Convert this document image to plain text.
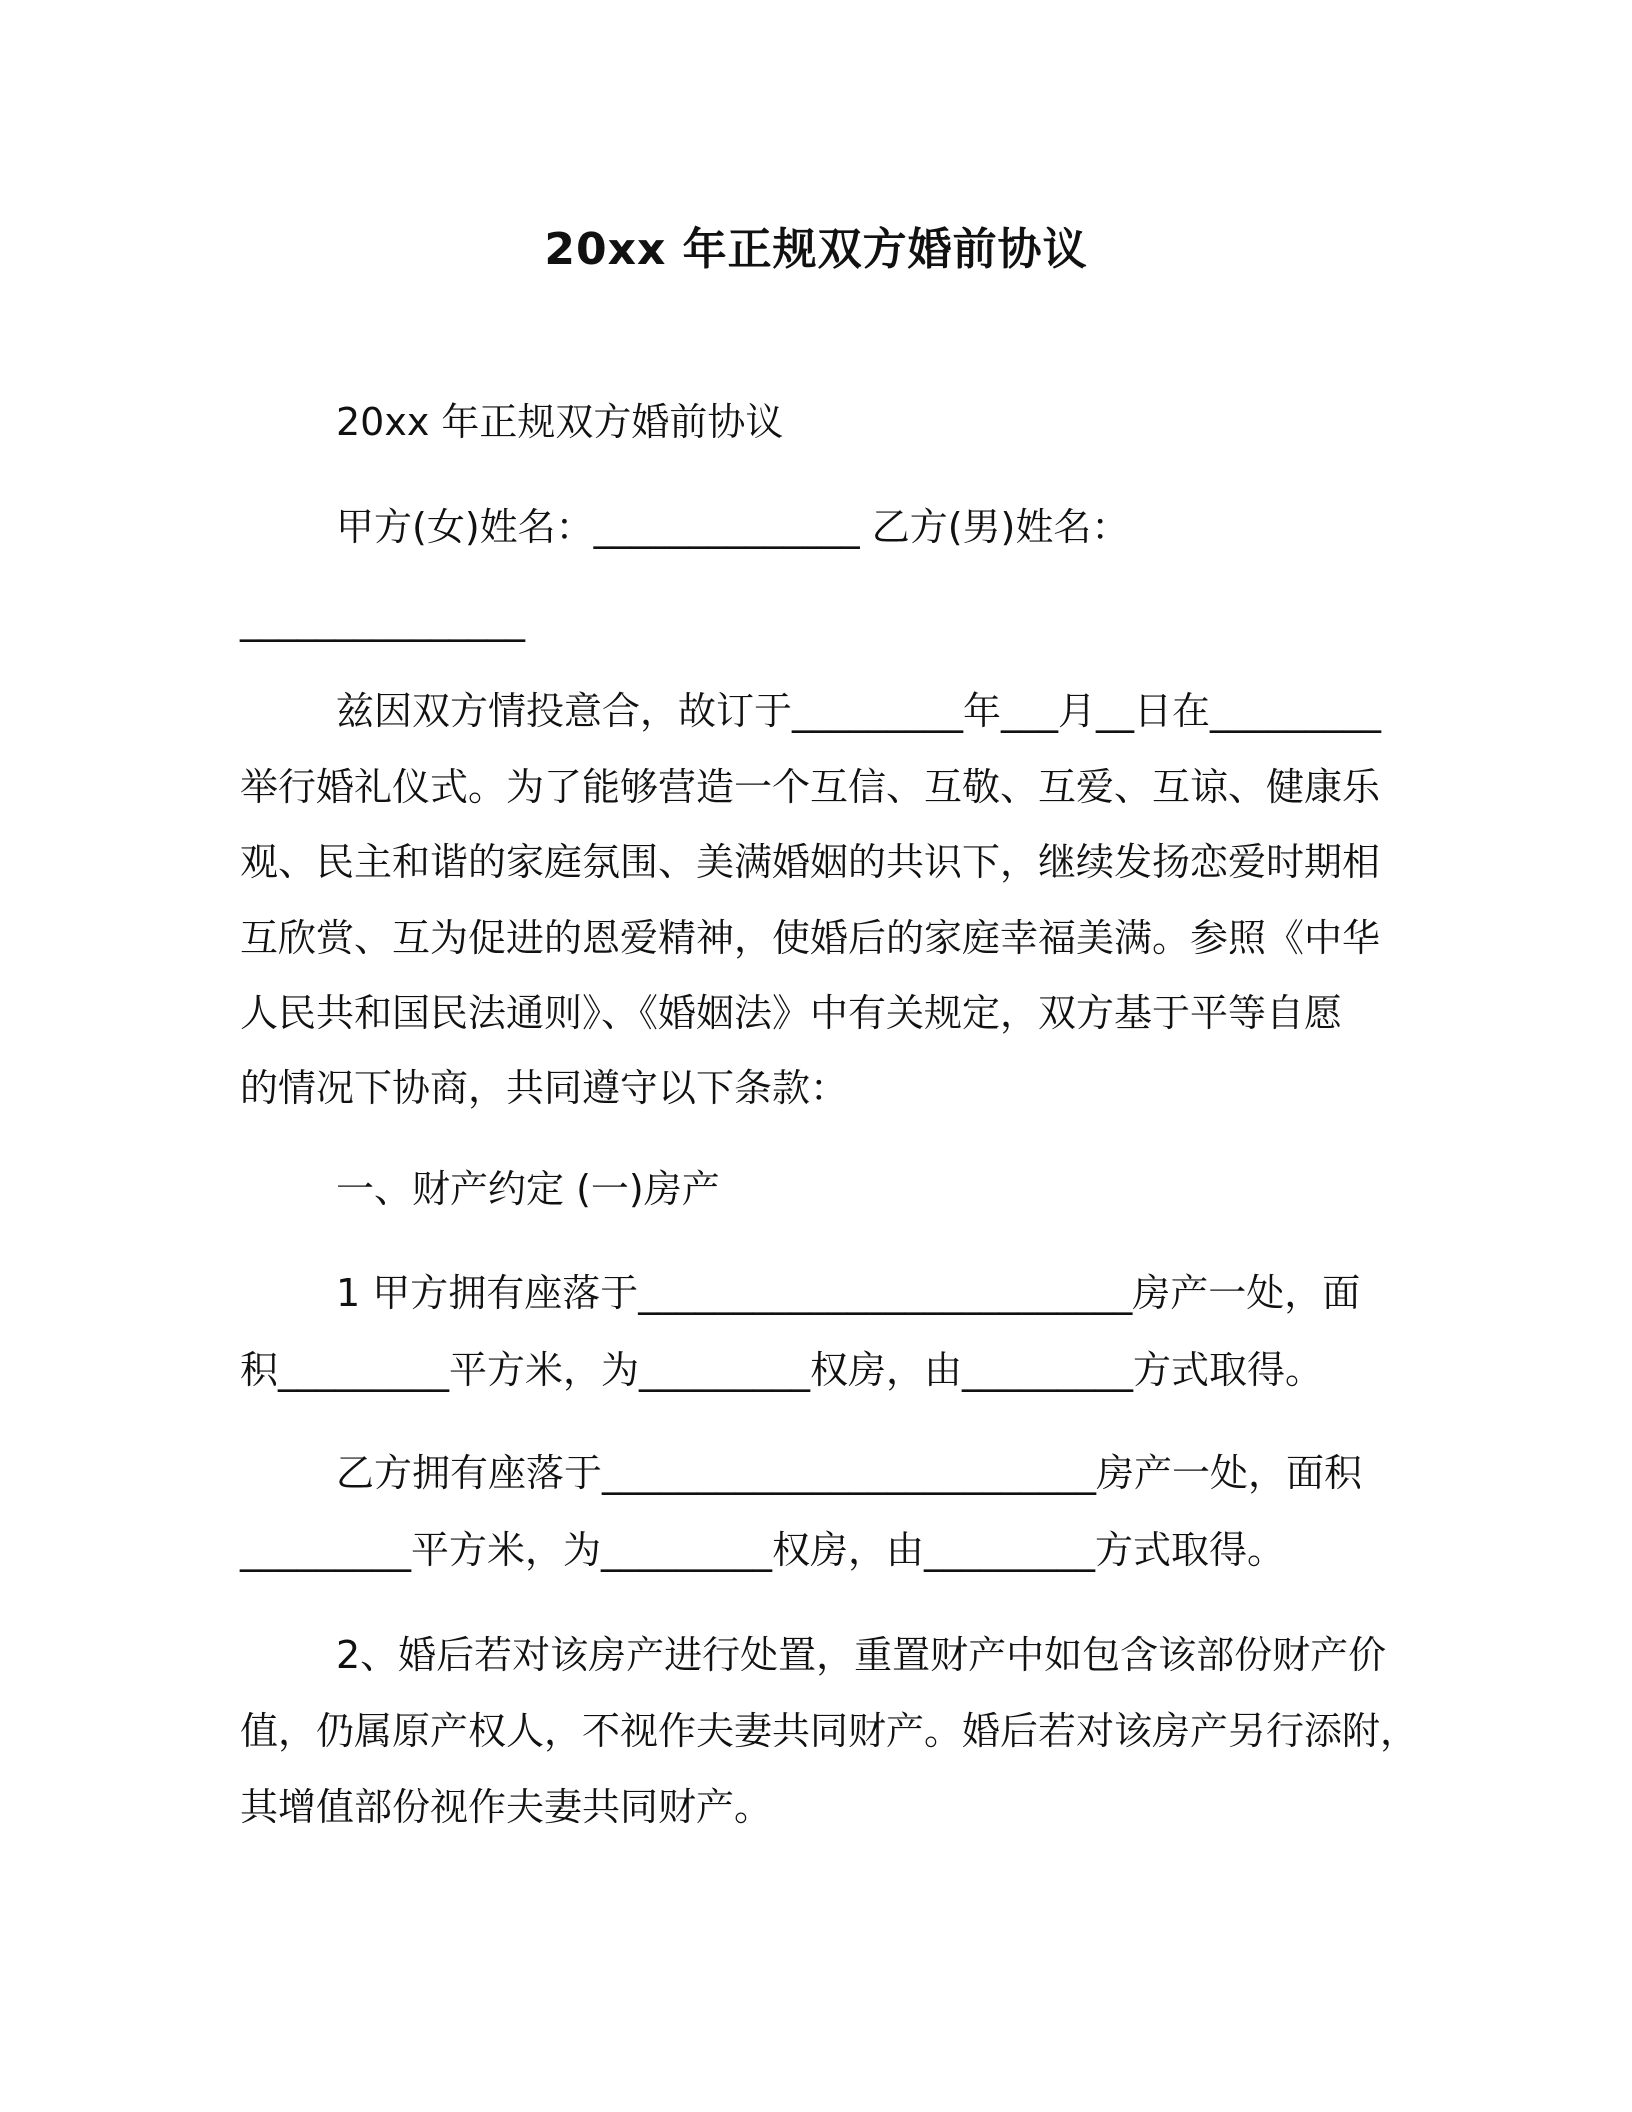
20xx 年正规双方婚前协议
20xx 年正规双方婚前协议
甲方(女)姓名：______________ 乙方(男)姓名：
_______________
兹因双方情投意合，故订于_________年___月__日在_________
举行婚礼仪式。为了能够营造一个互信、互敬、互爱、互谅、健康乐
观、民主和谐的家庭氛围、美满婚姻的共识下，继续发扬恋爱时期相
互欣赏、互为促进的恩爱精神，使婚后的家庭幸福美满。参照《中华
人民共和国民法通则》、《婚姻法》中有关规定，双方基于平等自愿
的情况下协商，共同遵守以下条款：
一、财产约定 (一)房产
1 甲方拥有座落于__________________________房产一处，面
积_________平方米，为_________权房，由_________方式取得。
乙方拥有座落于__________________________房产一处，面积
_________平方米，为_________权房，由_________方式取得。
2、婚后若对该房产进行处置，重置财产中如包含该部份财产价
值，仍属原产权人，不视作夫妻共同财产。婚后若对该房产另行添附，
其增值部份视作夫妻共同财产。
